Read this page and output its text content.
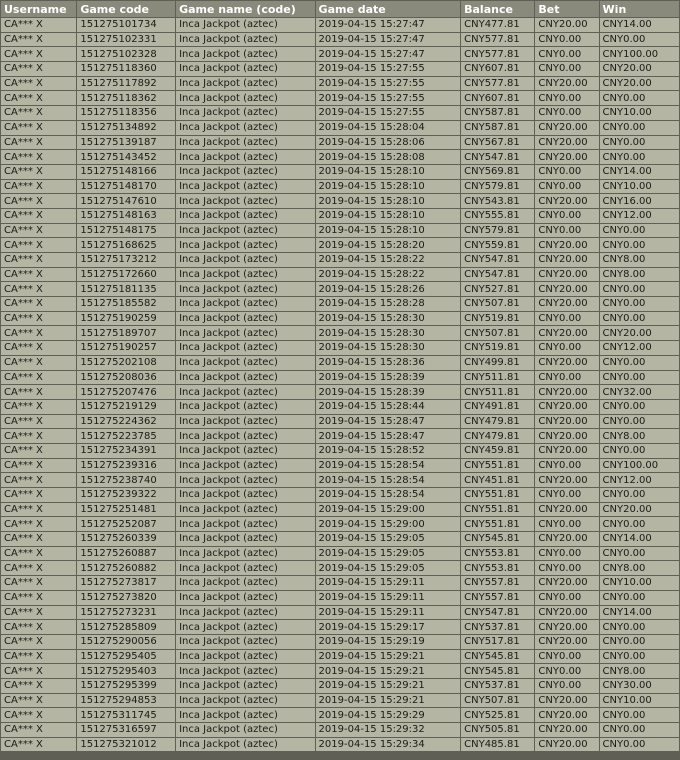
Username	Game code	Game name (code)	Game date	Balance	Bet	Win
CA*** X	151275101734	Inca Jackpot (aztec)	2019-04-15 15:27:47	CNY477.81	CNY20.00	CNY14.00
CA*** X	151275102331	Inca Jackpot (aztec)	2019-04-15 15:27:47	CNY577.81	CNY0.00	CNY0.00
CA*** X	151275102328	Inca Jackpot (aztec)	2019-04-15 15:27:47	CNY577.81	CNY0.00	CNY100.00
CA*** X	151275118360	Inca Jackpot (aztec)	2019-04-15 15:27:55	CNY607.81	CNY0.00	CNY20.00
CA*** X	151275117892	Inca Jackpot (aztec)	2019-04-15 15:27:55	CNY577.81	CNY20.00	CNY20.00
CA*** X	151275118362	Inca Jackpot (aztec)	2019-04-15 15:27:55	CNY607.81	CNY0.00	CNY0.00
CA*** X	151275118356	Inca Jackpot (aztec)	2019-04-15 15:27:55	CNY587.81	CNY0.00	CNY10.00
CA*** X	151275134892	Inca Jackpot (aztec)	2019-04-15 15:28:04	CNY587.81	CNY20.00	CNY0.00
CA*** X	151275139187	Inca Jackpot (aztec)	2019-04-15 15:28:06	CNY567.81	CNY20.00	CNY0.00
CA*** X	151275143452	Inca Jackpot (aztec)	2019-04-15 15:28:08	CNY547.81	CNY20.00	CNY0.00
CA*** X	151275148166	Inca Jackpot (aztec)	2019-04-15 15:28:10	CNY569.81	CNY0.00	CNY14.00
CA*** X	151275148170	Inca Jackpot (aztec)	2019-04-15 15:28:10	CNY579.81	CNY0.00	CNY10.00
CA*** X	151275147610	Inca Jackpot (aztec)	2019-04-15 15:28:10	CNY543.81	CNY20.00	CNY16.00
CA*** X	151275148163	Inca Jackpot (aztec)	2019-04-15 15:28:10	CNY555.81	CNY0.00	CNY12.00
CA*** X	151275148175	Inca Jackpot (aztec)	2019-04-15 15:28:10	CNY579.81	CNY0.00	CNY0.00
CA*** X	151275168625	Inca Jackpot (aztec)	2019-04-15 15:28:20	CNY559.81	CNY20.00	CNY0.00
CA*** X	151275173212	Inca Jackpot (aztec)	2019-04-15 15:28:22	CNY547.81	CNY20.00	CNY8.00
CA*** X	151275172660	Inca Jackpot (aztec)	2019-04-15 15:28:22	CNY547.81	CNY20.00	CNY8.00
CA*** X	151275181135	Inca Jackpot (aztec)	2019-04-15 15:28:26	CNY527.81	CNY20.00	CNY0.00
CA*** X	151275185582	Inca Jackpot (aztec)	2019-04-15 15:28:28	CNY507.81	CNY20.00	CNY0.00
CA*** X	151275190259	Inca Jackpot (aztec)	2019-04-15 15:28:30	CNY519.81	CNY0.00	CNY0.00
CA*** X	151275189707	Inca Jackpot (aztec)	2019-04-15 15:28:30	CNY507.81	CNY20.00	CNY20.00
CA*** X	151275190257	Inca Jackpot (aztec)	2019-04-15 15:28:30	CNY519.81	CNY0.00	CNY12.00
CA*** X	151275202108	Inca Jackpot (aztec)	2019-04-15 15:28:36	CNY499.81	CNY20.00	CNY0.00
CA*** X	151275208036	Inca Jackpot (aztec)	2019-04-15 15:28:39	CNY511.81	CNY0.00	CNY0.00
CA*** X	151275207476	Inca Jackpot (aztec)	2019-04-15 15:28:39	CNY511.81	CNY20.00	CNY32.00
CA*** X	151275219129	Inca Jackpot (aztec)	2019-04-15 15:28:44	CNY491.81	CNY20.00	CNY0.00
CA*** X	151275224362	Inca Jackpot (aztec)	2019-04-15 15:28:47	CNY479.81	CNY20.00	CNY0.00
CA*** X	151275223785	Inca Jackpot (aztec)	2019-04-15 15:28:47	CNY479.81	CNY20.00	CNY8.00
CA*** X	151275234391	Inca Jackpot (aztec)	2019-04-15 15:28:52	CNY459.81	CNY20.00	CNY0.00
CA*** X	151275239316	Inca Jackpot (aztec)	2019-04-15 15:28:54	CNY551.81	CNY0.00	CNY100.00
CA*** X	151275238740	Inca Jackpot (aztec)	2019-04-15 15:28:54	CNY451.81	CNY20.00	CNY12.00
CA*** X	151275239322	Inca Jackpot (aztec)	2019-04-15 15:28:54	CNY551.81	CNY0.00	CNY0.00
CA*** X	151275251481	Inca Jackpot (aztec)	2019-04-15 15:29:00	CNY551.81	CNY20.00	CNY20.00
CA*** X	151275252087	Inca Jackpot (aztec)	2019-04-15 15:29:00	CNY551.81	CNY0.00	CNY0.00
CA*** X	151275260339	Inca Jackpot (aztec)	2019-04-15 15:29:05	CNY545.81	CNY20.00	CNY14.00
CA*** X	151275260887	Inca Jackpot (aztec)	2019-04-15 15:29:05	CNY553.81	CNY0.00	CNY0.00
CA*** X	151275260882	Inca Jackpot (aztec)	2019-04-15 15:29:05	CNY553.81	CNY0.00	CNY8.00
CA*** X	151275273817	Inca Jackpot (aztec)	2019-04-15 15:29:11	CNY557.81	CNY20.00	CNY10.00
CA*** X	151275273820	Inca Jackpot (aztec)	2019-04-15 15:29:11	CNY557.81	CNY0.00	CNY0.00
CA*** X	151275273231	Inca Jackpot (aztec)	2019-04-15 15:29:11	CNY547.81	CNY20.00	CNY14.00
CA*** X	151275285809	Inca Jackpot (aztec)	2019-04-15 15:29:17	CNY537.81	CNY20.00	CNY0.00
CA*** X	151275290056	Inca Jackpot (aztec)	2019-04-15 15:29:19	CNY517.81	CNY20.00	CNY0.00
CA*** X	151275295405	Inca Jackpot (aztec)	2019-04-15 15:29:21	CNY545.81	CNY0.00	CNY0.00
CA*** X	151275295403	Inca Jackpot (aztec)	2019-04-15 15:29:21	CNY545.81	CNY0.00	CNY8.00
CA*** X	151275295399	Inca Jackpot (aztec)	2019-04-15 15:29:21	CNY537.81	CNY0.00	CNY30.00
CA*** X	151275294853	Inca Jackpot (aztec)	2019-04-15 15:29:21	CNY507.81	CNY20.00	CNY10.00
CA*** X	151275311745	Inca Jackpot (aztec)	2019-04-15 15:29:29	CNY525.81	CNY20.00	CNY0.00
CA*** X	151275316597	Inca Jackpot (aztec)	2019-04-15 15:29:32	CNY505.81	CNY20.00	CNY0.00
CA*** X	151275321012	Inca Jackpot (aztec)	2019-04-15 15:29:34	CNY485.81	CNY20.00	CNY0.00
